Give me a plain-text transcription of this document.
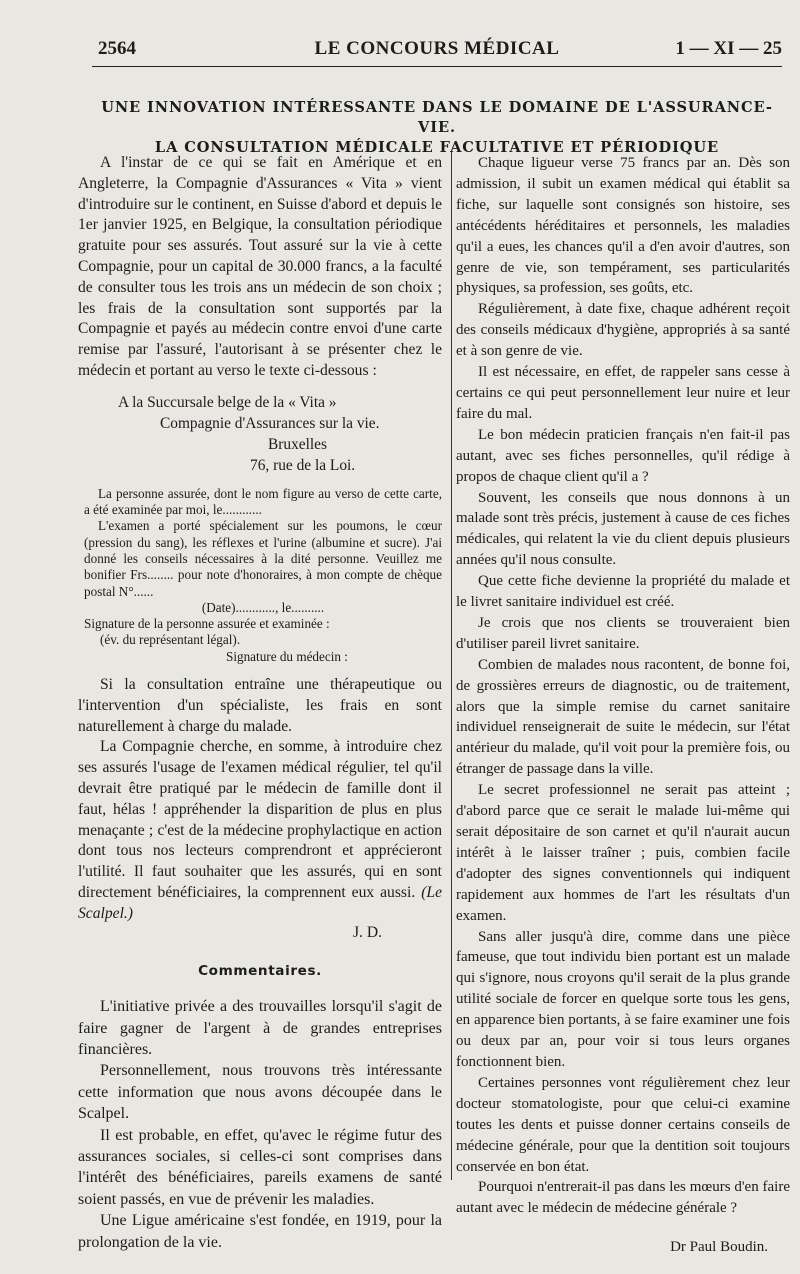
2564	LE CONCOURS MÉDICAL	1 — XI — 25
UNE INNOVATION INTÉRESSANTE DANS LE DOMAINE DE L'ASSURANCE-VIE.
LA CONSULTATION MÉDICALE FACULTATIVE ET PÉRIODIQUE

A l'instar de ce qui se fait en Amérique et en Angleterre, la Compagnie d'Assurances « Vita » vient d'introduire sur le continent, en Suisse d'abord et depuis le 1er janvier 1925, en Belgique, la consultation périodique gratuite pour ses assurés. Tout assuré sur la vie à cette Compagnie, pour un capital de 30.000 francs, a la faculté de consulter tous les trois ans un médecin de son choix ; les frais de la consultation sont supportés par la Compagnie et payés au médecin contre envoi d'une carte remise par l'assuré, l'autorisant à se présenter chez le médecin et portant au verso le texte ci-dessous :

A la Succursale belge de la « Vita »
Compagnie d'Assurances sur la vie.
Bruxelles
76, rue de la Loi.

La personne assurée, dont le nom figure au verso de cette carte, a été examinée par moi, le............

L'examen a porté spécialement sur les poumons, le cœur (pression du sang), les réflexes et l'urine (albumine et sucre). J'ai donné les conseils nécessaires à la dité personne. Veuillez me bonifier Frs........ pour note d'honoraires, à mon compte de chèque postal N°......

(Date)............, le..........

Signature de la personne assurée et examinée :

(év. du représentant légal).

Signature du médecin :

Si la consultation entraîne une thérapeutique ou l'intervention d'un spécialiste, les frais en sont naturellement à charge du malade.

La Compagnie cherche, en somme, à introduire chez ses assurés l'usage de l'examen médical régulier, tel qu'il devrait être pratiqué par le médecin de famille dont il faut, hélas ! appréhender la disparition de plus en plus menaçante ; c'est de la médecine prophylactique en action dont tous nos lecteurs comprendront et apprécieront l'utilité. Il faut souhaiter que les assurés, qui en sont directement bénéficiaires, la comprennent eux aussi. (Le Scalpel.)

J. D.

Commentaires.

L'initiative privée a des trouvailles lorsqu'il s'agit de faire gagner de l'argent à de grandes entreprises financières.

Personnellement, nous trouvons très intéressante cette information que nous avons découpée dans le Scalpel.

Il est probable, en effet, qu'avec le régime futur des assurances sociales, si celles-ci sont comprises dans l'intérêt des bénéficiaires, pareils examens de santé soient passés, en vue de prévenir les maladies.

Une Ligue américaine s'est fondée, en 1919, pour la prolongation de la vie.

Chaque ligueur verse 75 francs par an. Dès son admission, il subit un examen médical qui établit sa fiche, sur laquelle sont consignés son histoire, ses antécédents héréditaires et personnels, les maladies qu'il a eues, les chances qu'il a d'en avoir d'autres, son genre de vie, son tempérament, ses particularités physiques, sa profession, ses goûts, etc.

Régulièrement, à date fixe, chaque adhérent reçoit des conseils médicaux d'hygiène, appropriés à sa santé et à son genre de vie.

Il est nécessaire, en effet, de rappeler sans cesse à certains ce qui peut personnellement leur nuire et leur faire du mal.

Le bon médecin praticien français n'en fait-il pas autant, avec ses fiches personnelles, qu'il rédige à propos de chaque client qu'il a ?

Souvent, les conseils que nous donnons à un malade sont très précis, justement à cause de ces fiches médicales, qui relatent la vie du client depuis plusieurs années qu'il nous consulte.

Que cette fiche devienne la propriété du malade et le livret sanitaire individuel est créé.

Je crois que nos clients se trouveraient bien d'utiliser pareil livret sanitaire.

Combien de malades nous racontent, de bonne foi, de grossières erreurs de diagnostic, ou de traitement, alors que la simple remise du carnet sanitaire individuel renseignerait de suite le médecin, sur l'état antérieur du malade, qu'il voit pour la première fois, ou étranger de passage dans la ville.

Le secret professionnel ne serait pas atteint ; d'abord parce que ce serait le malade lui-même qui serait dépositaire de son carnet et qu'il n'aurait aucun intérêt à le laisser traîner ; puis, combien facile d'adopter des signes conventionnels qui indiquent rapidement aux hommes de l'art les résultats d'un examen.

Sans aller jusqu'à dire, comme dans une pièce fameuse, que tout individu bien portant est un malade qui s'ignore, nous croyons qu'il serait de la plus grande utilité sociale de forcer en quelque sorte tous les gens, en apparence bien portants, à se faire examiner une fois ou deux par an, pour voir si tous leurs organes fonctionnent bien.

Certaines personnes vont régulièrement chez leur docteur stomatologiste, pour que celui-ci examine toutes les dents et puisse donner certains conseils de médecine générale, pour que la dentition soit toujours conservée en bon état.

Pourquoi n'entrerait-il pas dans les mœurs d'en faire autant avec le médecin de médecine générale ?

Dr Paul Boudin.
